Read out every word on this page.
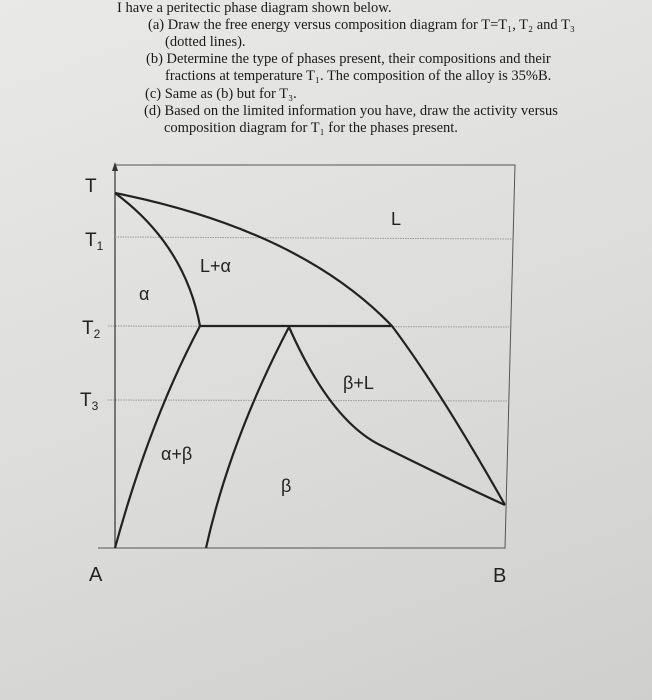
I have a peritectic phase diagram shown below.
(a) Draw the free energy versus composition diagram for T=T₁, T₂ and T₃
(dotted lines).
(b) Determine the type of phases present, their compositions and their
fractions at temperature T₁. The composition of the alloy is 35%B.
(c) Same as (b) but for T₃.
(d) Based on the limited information you have, draw the activity versus
composition diagram for T₁ for the phases present.
T
$T_1$
$T_2$
$T_3$
A	B
L
L+α
α
β+L
α+β
β
